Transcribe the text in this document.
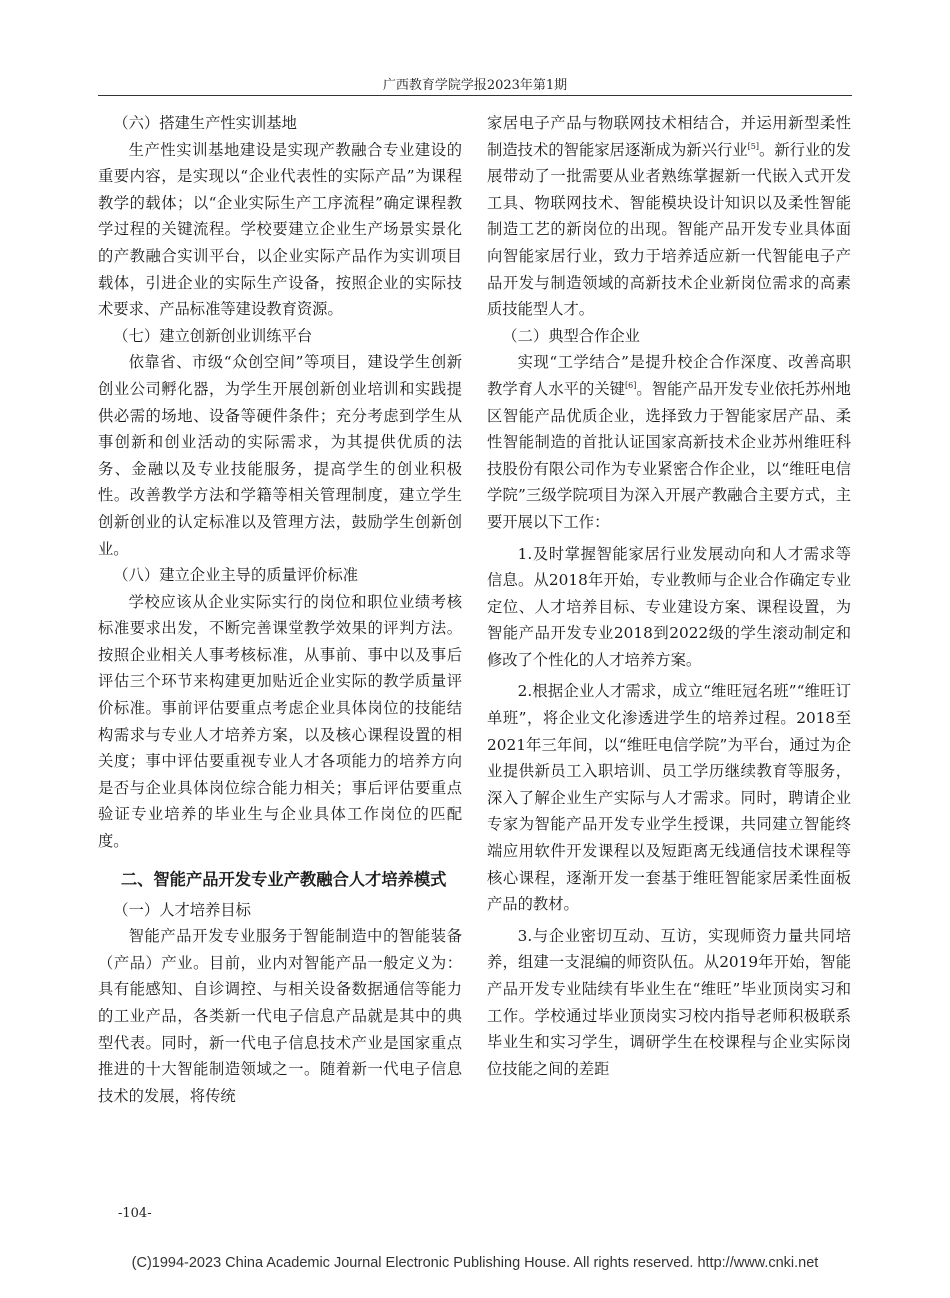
广西教育学院学报2023年第1期

（六）搭建生产性实训基地

生产性实训基地建设是实现产教融合专业建设的重要内容，是实现以“企业代表性的实际产品”为课程教学的载体；以“企业实际生产工序流程”确定课程教学过程的关键流程。学校要建立企业生产场景实景化的产教融合实训平台，以企业实际产品作为实训项目载体，引进企业的实际生产设备，按照企业的实际技术要求、产品标准等建设教育资源。

（七）建立创新创业训练平台

依靠省、市级“众创空间”等项目，建设学生创新创业公司孵化器，为学生开展创新创业培训和实践提供必需的场地、设备等硬件条件；充分考虑到学生从事创新和创业活动的实际需求，为其提供优质的法务、金融以及专业技能服务，提高学生的创业积极性。改善教学方法和学籍等相关管理制度，建立学生创新创业的认定标准以及管理方法，鼓励学生创新创业。

（八）建立企业主导的质量评价标准

学校应该从企业实际实行的岗位和职位业绩考核标准要求出发，不断完善课堂教学效果的评判方法。按照企业相关人事考核标准，从事前、事中以及事后评估三个环节来构建更加贴近企业实际的教学质量评价标准。事前评估要重点考虑企业具体岗位的技能结构需求与专业人才培养方案，以及核心课程设置的相关度；事中评估要重视专业人才各项能力的培养方向是否与企业具体岗位综合能力相关；事后评估要重点验证专业培养的毕业生与企业具体工作岗位的匹配度。

二、智能产品开发专业产教融合人才培养模式

（一）人才培养目标

智能产品开发专业服务于智能制造中的智能装备（产品）产业。目前，业内对智能产品一般定义为：具有能感知、自诊调控、与相关设备数据通信等能力的工业产品，各类新一代电子信息产品就是其中的典型代表。同时，新一代电子信息技术产业是国家重点推进的十大智能制造领域之一。随着新一代电子信息技术的发展，将传统

家居电子产品与物联网技术相结合，并运用新型柔性制造技术的智能家居逐渐成为新兴行业[5]。新行业的发展带动了一批需要从业者熟练掌握新一代嵌入式开发工具、物联网技术、智能模块设计知识以及柔性智能制造工艺的新岗位的出现。智能产品开发专业具体面向智能家居行业，致力于培养适应新一代智能电子产品开发与制造领域的高新技术企业新岗位需求的高素质技能型人才。

（二）典型合作企业

实现“工学结合”是提升校企合作深度、改善高职教学育人水平的关键[6]。智能产品开发专业依托苏州地区智能产品优质企业，选择致力于智能家居产品、柔性智能制造的首批认证国家高新技术企业苏州维旺科技股份有限公司作为专业紧密合作企业，以“维旺电信学院”三级学院项目为深入开展产教融合主要方式，主要开展以下工作：

1.及时掌握智能家居行业发展动向和人才需求等信息。从2018年开始，专业教师与企业合作确定专业定位、人才培养目标、专业建设方案、课程设置，为智能产品开发专业2018到2022级的学生滚动制定和修改了个性化的人才培养方案。

2.根据企业人才需求，成立“维旺冠名班”“维旺订单班”，将企业文化渗透进学生的培养过程。2018至2021年三年间，以“维旺电信学院”为平台，通过为企业提供新员工入职培训、员工学历继续教育等服务，深入了解企业生产实际与人才需求。同时，聘请企业专家为智能产品开发专业学生授课，共同建立智能终端应用软件开发课程以及短距离无线通信技术课程等核心课程，逐渐开发一套基于维旺智能家居柔性面板产品的教材。

3.与企业密切互动、互访，实现师资力量共同培养，组建一支混编的师资队伍。从2019年开始，智能产品开发专业陆续有毕业生在“维旺”毕业顶岗实习和工作。学校通过毕业顶岗实习校内指导老师积极联系毕业生和实习学生，调研学生在校课程与企业实际岗位技能之间的差距

-104-
(C)1994-2023 China Academic Journal Electronic Publishing House. All rights reserved. http://www.cnki.net
